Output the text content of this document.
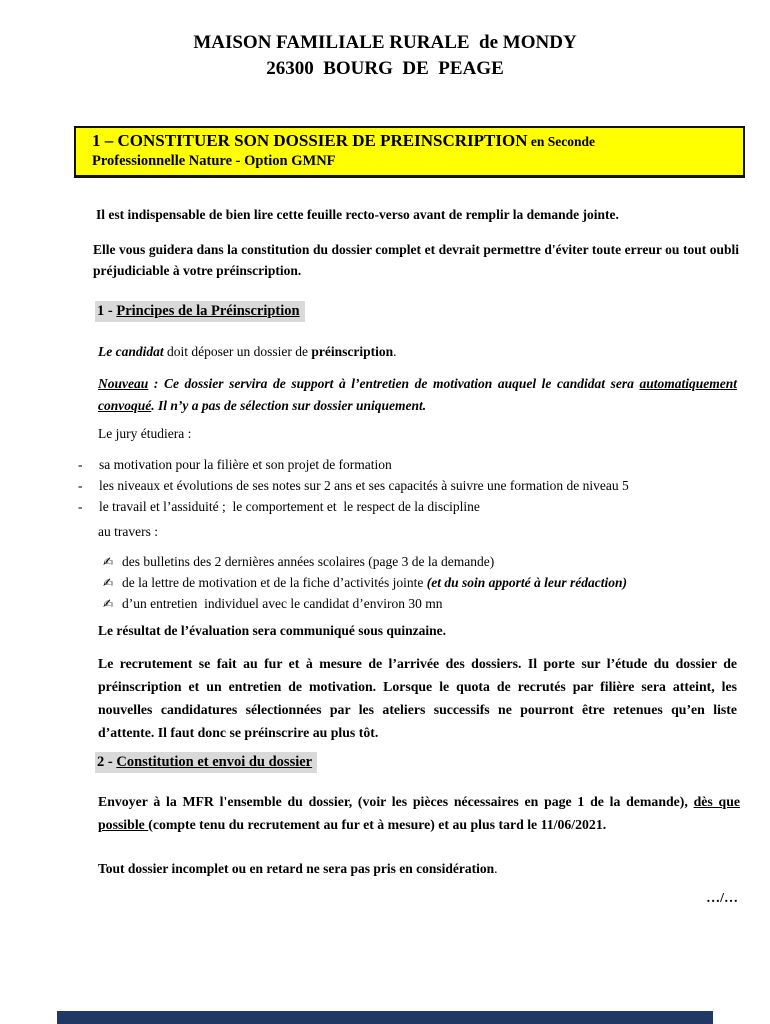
MAISON FAMILIALE RURALE  de MONDY
26300  BOURG  DE  PEAGE
1 – CONSTITUER SON DOSSIER DE PREINSCRIPTION en Seconde
Professionnelle Nature - Option GMNF
Il est indispensable de bien lire cette feuille recto-verso avant de remplir la demande jointe.
Elle vous guidera dans la constitution du dossier complet et devrait permettre d'éviter toute erreur ou tout oubli préjudiciable à votre préinscription.
1 - Principes de la Préinscription
Le candidat doit déposer un dossier de préinscription.
Nouveau : Ce dossier servira de support à l’entretien de motivation auquel le candidat sera automatiquement convoqué. Il n’y a pas de sélection sur dossier uniquement.
Le jury étudiera :
-	sa motivation pour la filière et son projet de formation
-	les niveaux et évolutions de ses notes sur 2 ans et ses capacités à suivre une formation de niveau 5
-	le travail et l’assiduité ;  le comportement et  le respect de la discipline
au travers :
✍ des bulletins des 2 dernières années scolaires (page 3 de la demande)
✍ de la lettre de motivation et de la fiche d’activités jointe (et du soin apporté à leur rédaction)
✍ d’un entretien  individuel avec le candidat d’environ 30 mn
Le résultat de l’évaluation sera communiqué sous quinzaine.
Le recrutement se fait au fur et à mesure de l’arrivée des dossiers. Il porte sur l’étude du dossier de préinscription et un entretien de motivation. Lorsque le quota de recrutés par filière sera atteint, les nouvelles candidatures sélectionnées par les ateliers successifs ne pourront être retenues qu’en liste d’attente. Il faut donc se préinscrire au plus tôt.
2 - Constitution et envoi du dossier
Envoyer à la MFR l'ensemble du dossier, (voir les pièces nécessaires en page 1 de la demande), dès que possible (compte tenu du recrutement au fur et à mesure) et au plus tard le 11/06/2021.
Tout dossier incomplet ou en retard ne sera pas pris en considération.
…/…
